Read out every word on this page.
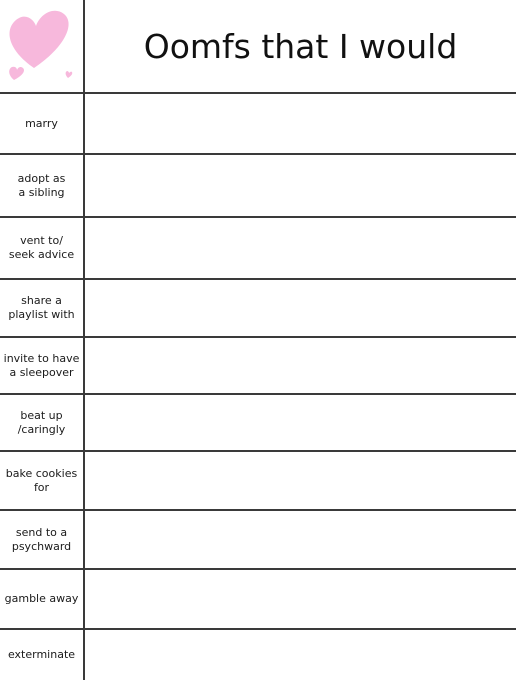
Oomfs that I would
marry
adopt as
a sibling
vent to/
seek advice
share a
playlist with
invite to have
a sleepover
beat up
/caringly
bake cookies
for
send to a
psychward
gamble away
exterminate
